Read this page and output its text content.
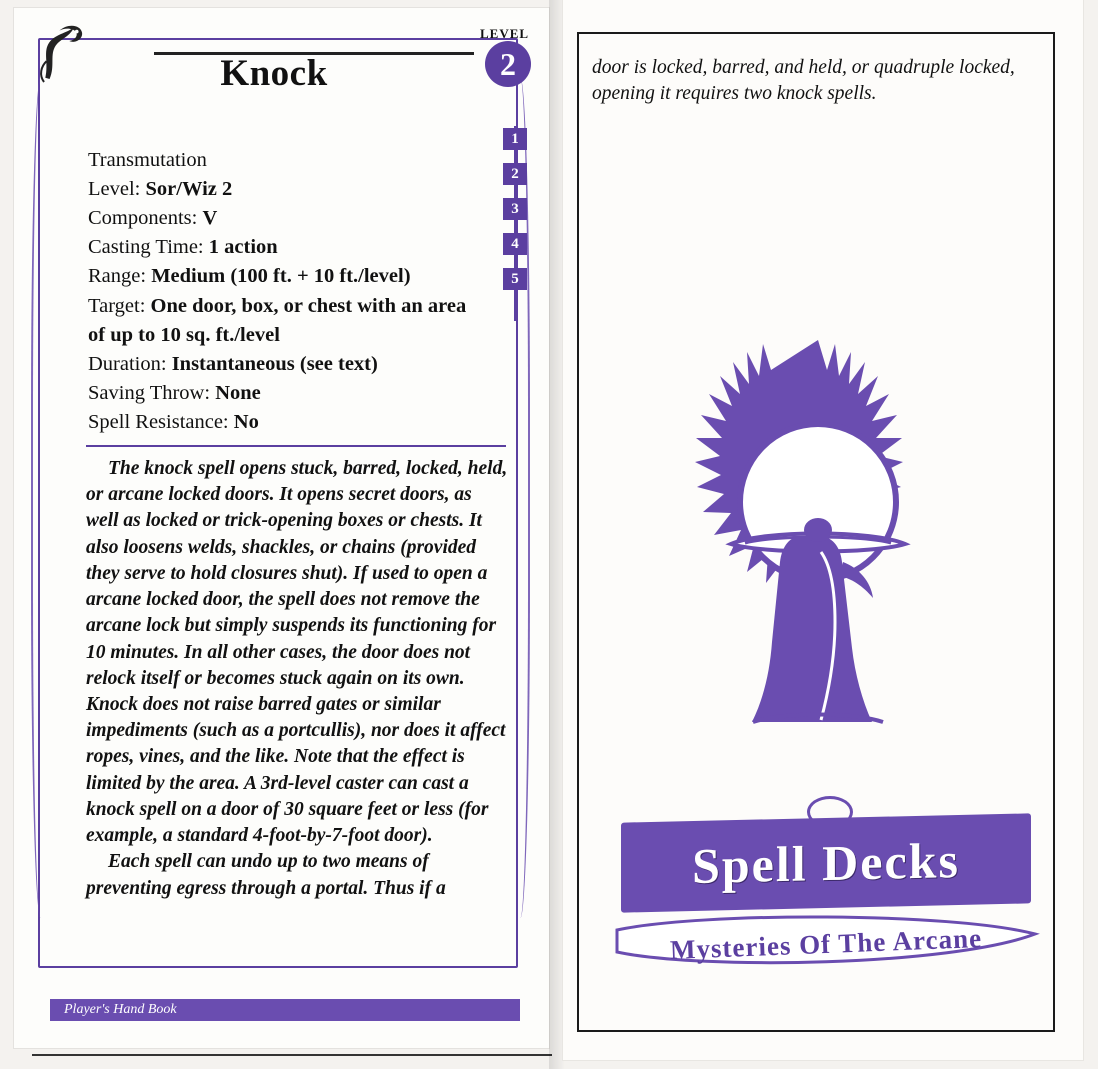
Knock
LEVEL
2
1
2
3
4
5
Transmutation
Level: Sor/Wiz 2
Components: V
Casting Time: 1 action
Range: Medium (100 ft. + 10 ft./level)
Target: One door, box, or chest with an area of up to 10 sq. ft./level
Duration: Instantaneous (see text)
Saving Throw: None
Spell Resistance: No

The knock spell opens stuck, barred, locked, held, or arcane locked doors. It opens secret doors, as well as locked or trick-opening boxes or chests. It also loosens welds, shackles, or chains (provided they serve to hold closures shut). If used to open a arcane locked door, the spell does not remove the arcane lock but simply suspends its functioning for 10 minutes. In all other cases, the door does not relock itself or becomes stuck again on its own. Knock does not raise barred gates or similar impediments (such as a portcullis), nor does it affect ropes, vines, and the like. Note that the effect is limited by the area. A 3rd-level caster can cast a knock spell on a door of 30 square feet or less (for example, a standard 4-foot-by-7-foot door).

Each spell can undo up to two means of preventing egress through a portal. Thus if a

Player's Hand Book
door is locked, barred, and held, or quadruple locked, opening it requires two knock spells.
Spell Decks
Mysteries Of The Arcane
